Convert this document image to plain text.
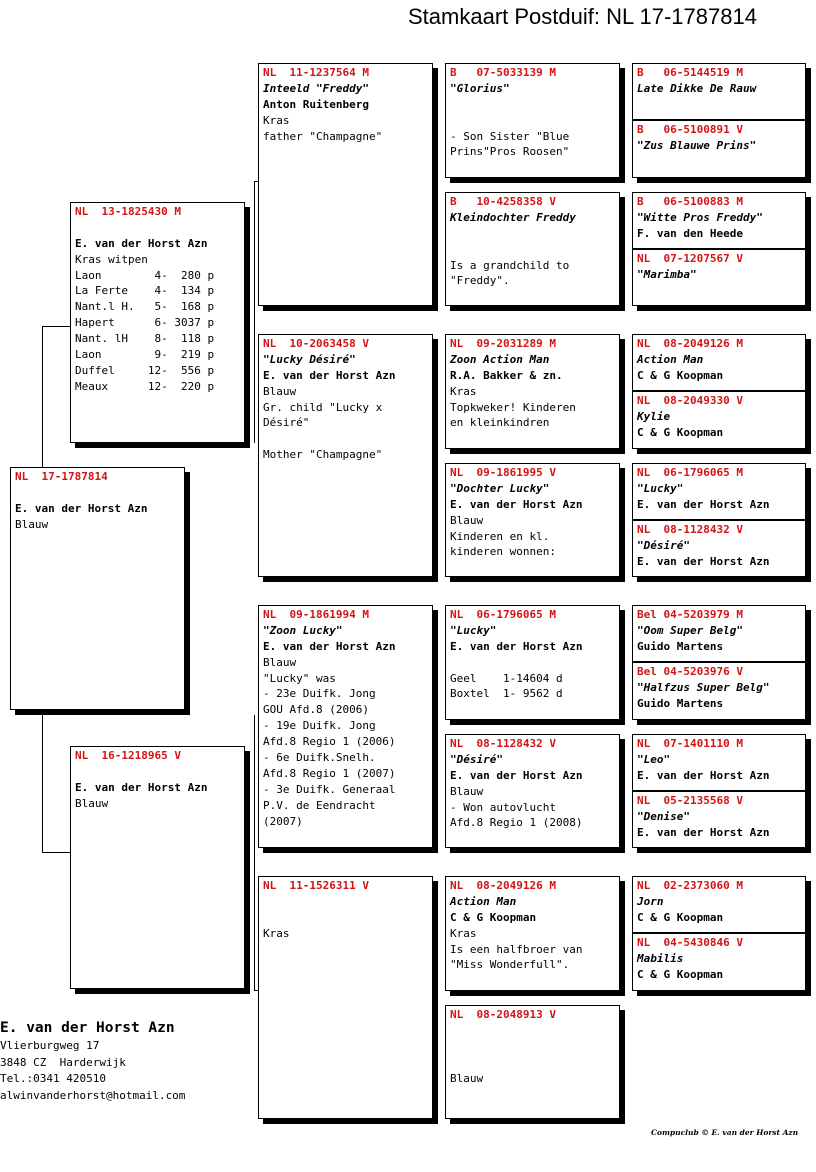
Stamkaart Postduif: NL 17-1787814
NL  17-1787814
E. van der Horst Azn
Blauw
NL  13-1825430 M
E. van der Horst Azn
Kras witpen
Laon        4-  280 p
La Ferte    4-  134 p
Nant.l H.   5-  168 p
Hapert      6- 3037 p
Nant. lH    8-  118 p
Laon        9-  219 p
Duffel     12-  556 p
Meaux      12-  220 p
NL  16-1218965 V
E. van der Horst Azn
Blauw
NL  11-1237564 M
Inteeld "Freddy"
Anton Ruitenberg
Kras
father "Champagne"
NL  10-2063458 V
"Lucky Désiré"
E. van der Horst Azn
Blauw
Gr. child "Lucky x
Désiré"
Mother "Champagne"
NL  09-1861994 M
"Zoon Lucky"
E. van der Horst Azn
Blauw
"Lucky" was
- 23e Duifk. Jong
GOU Afd.8 (2006)
- 19e Duifk. Jong
Afd.8 Regio 1 (2006)
- 6e Duifk.Snelh.
Afd.8 Regio 1 (2007)
- 3e Duifk. Generaal
P.V. de Eendracht
(2007)
NL  11-1526311 V
Kras
B   07-5033139 M
"Glorius"
- Son Sister "Blue
Prins"Pros Roosen"
B   10-4258358 V
Kleindochter Freddy
Is a grandchild to
"Freddy".
NL  09-2031289 M
Zoon Action Man
R.A. Bakker & zn.
Kras
Topkweker! Kinderen
en kleinkindren
NL  09-1861995 V
"Dochter Lucky"
E. van der Horst Azn
Blauw
Kinderen en kl.
kinderen wonnen:
NL  06-1796065 M
"Lucky"
E. van der Horst Azn
Geel    1-14604 d
Boxtel  1- 9562 d
NL  08-1128432 V
"Désiré"
E. van der Horst Azn
Blauw
- Won autovlucht
Afd.8 Regio 1 (2008)
NL  08-2049126 M
Action Man
C & G Koopman
Kras
Is een halfbroer van
"Miss Wonderfull".
NL  08-2048913 V
Blauw
B   06-5144519 M
Late Dikke De Rauw
B   06-5100891 V
"Zus Blauwe Prins"
B   06-5100883 M
"Witte Pros Freddy"
F. van den Heede
NL  07-1207567 V
"Marimba"
NL  08-2049126 M
Action Man
C & G Koopman
NL  08-2049330 V
Kylie
C & G Koopman
NL  06-1796065 M
"Lucky"
E. van der Horst Azn
NL  08-1128432 V
"Désiré"
E. van der Horst Azn
Bel 04-5203979 M
"Oom Super Belg"
Guido Martens
Bel 04-5203976 V
"Halfzus Super Belg"
Guido Martens
NL  07-1401110 M
"Leo"
E. van der Horst Azn
NL  05-2135568 V
"Denise"
E. van der Horst Azn
NL  02-2373060 M
Jorn
C & G Koopman
NL  04-5430846 V
Mabilis
C & G Koopman
E. van der Horst Azn
Vlierburgweg 17
3848 CZ  Harderwijk
Tel.:0341 420510
alwinvanderhorst@hotmail.com
Compuclub © E. van der Horst Azn
